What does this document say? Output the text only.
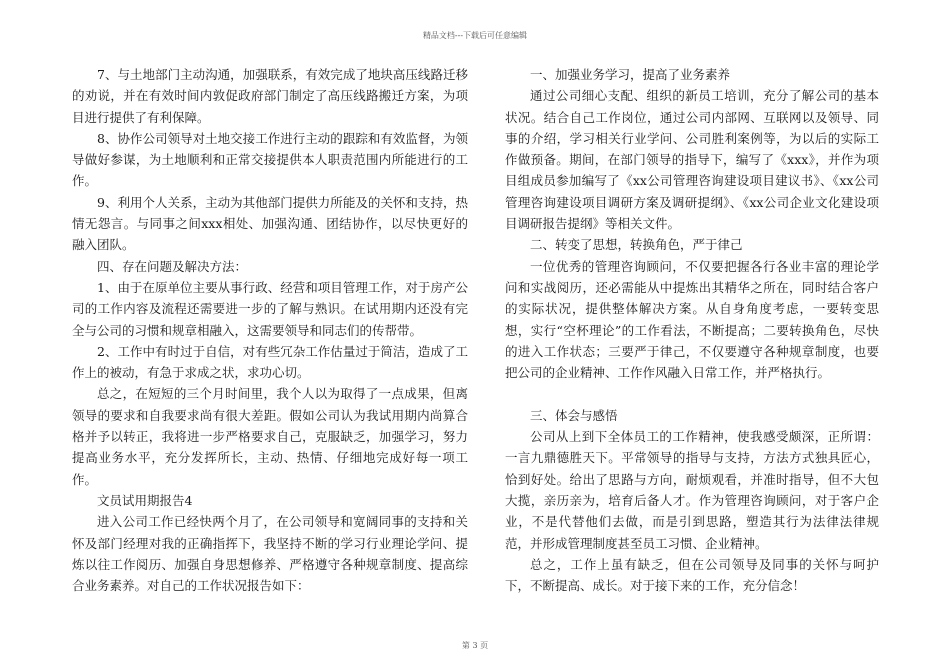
精品文档---下载后可任意编辑

7、与土地部门主动沟通，加强联系，有效完成了地块高压线路迁移的劝说，并在有效时间内敦促政府部门制定了高压线路搬迁方案，为项目进行提供了有利保障。

8、协作公司领导对土地交接工作进行主动的跟踪和有效监督，为领导做好参谋，为土地顺利和正常交接提供本人职责范围内所能进行的工作。

9、利用个人关系，主动为其他部门提供力所能及的关怀和支持，热情无怨言。与同事之间xxx相处、加强沟通、团结协作，以尽快更好的融入团队。

四、存在问题及解决方法：

1、由于在原单位主要从事行政、经营和项目管理工作，对于房产公司的工作内容及流程还需要进一步的了解与熟识。在试用期内还没有完全与公司的习惯和规章相融入，这需要领导和同志们的传帮带。

2、工作中有时过于自信，对有些冗杂工作估量过于简洁，造成了工作上的被动，有急于求成之状，求功心切。

总之，在短短的三个月时间里，我个人以为取得了一点成果，但离领导的要求和自我要求尚有很大差距。假如公司认为我试用期内尚算合格并予以转正，我将进一步严格要求自己，克服缺乏，加强学习，努力提高业务水平，充分发挥所长，主动、热情、仔细地完成好每一项工作。

文员试用期报告4

进入公司工作已经快两个月了，在公司领导和宽阔同事的支持和关怀及部门经理对我的正确指挥下，我坚持不断的学习行业理论学问、提炼以往工作阅历、加强自身思想修养、严格遵守各种规章制度、提高综合业务素养。对自己的工作状况报告如下：

一、加强业务学习，提高了业务素养

通过公司细心支配、组织的新员工培训，充分了解公司的基本状况。结合自己工作岗位，通过公司内部网、互联网以及领导、同事的介绍，学习相关行业学问、公司胜利案例等，为以后的实际工作做预备。期间，在部门领导的指导下，编写了《xxx》，并作为项目组成员参加编写了《xx公司管理咨询建设项目建议书》、《xx公司管理咨询建设项目调研方案及调研提纲》、《xx公司企业文化建设项目调研报告提纲》等相关文件。

二、转变了思想，转换角色，严于律己

一位优秀的管理咨询顾问，不仅要把握各行各业丰富的理论学问和实战阅历，还必需能从中提炼出其精华之所在，同时结合客户的实际状况，提供整体解决方案。从自身角度考虑，一要转变思想，实行“空杯理论”的工作看法，不断提高；二要转换角色，尽快的进入工作状态；三要严于律己，不仅要遵守各种规章制度，也要把公司的企业精神、工作作风融入日常工作，并严格执行。

三、体会与感悟

公司从上到下全体员工的工作精神，使我感受颇深，正所谓：一言九鼎德胜天下。平常领导的指导与支持，方法方式独具匠心，恰到好处。给出了思路与方向，耐烦观看，并准时指导，但不大包大揽，亲历亲为，培育后备人才。作为管理咨询顾问，对于客户企业，不是代替他们去做，而是引到思路，塑造其行为法律法律规范，并形成管理制度甚至员工习惯、企业精神。

总之，工作上虽有缺乏，但在公司领导及同事的关怀与呵护下，不断提高、成长。对于接下来的工作，充分信念！

第 3 页
